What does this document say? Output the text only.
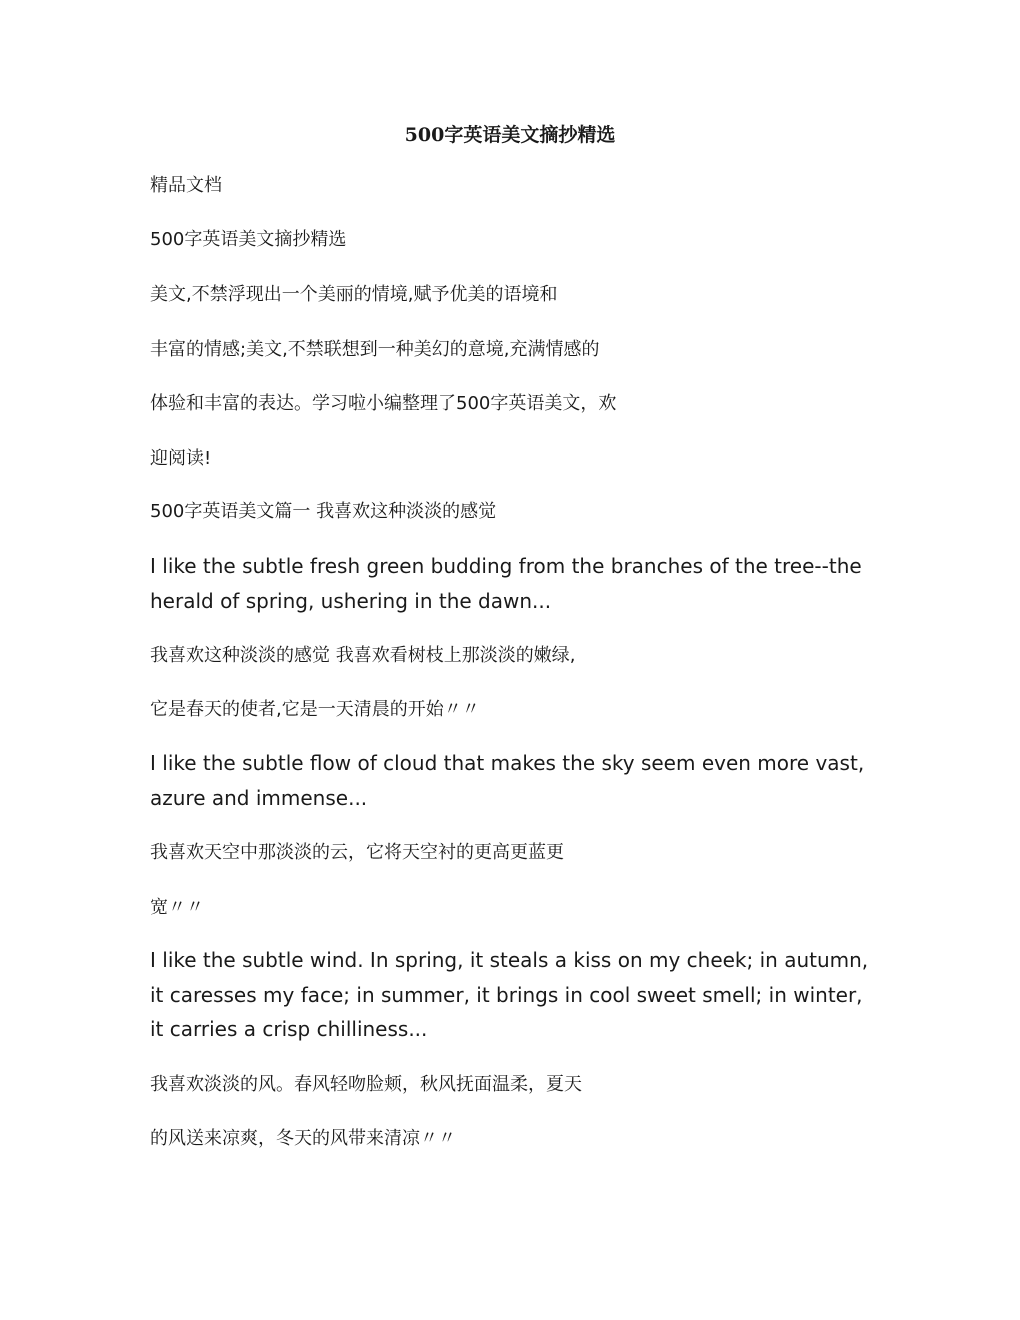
500字英语美文摘抄精选

精品文档

500字英语美文摘抄精选

美文,不禁浮现出一个美丽的情境,赋予优美的语境和

丰富的情感;美文,不禁联想到一种美幻的意境,充满情感的

体验和丰富的表达。学习啦小编整理了500字英语美文，欢

迎阅读!

500字英语美文篇一 我喜欢这种淡淡的感觉

I like the subtle fresh green budding from the branches of the tree--the herald of spring, ushering in the dawn...

我喜欢这种淡淡的感觉 我喜欢看树枝上那淡淡的嫩绿,

它是春天的使者,它是一天清晨的开始〃〃

I like the subtle flow of cloud that makes the sky seem even more vast, azure and immense...

我喜欢天空中那淡淡的云，它将天空衬的更高更蓝更

宽〃〃

I like the subtle wind. In spring, it steals a kiss on my cheek; in autumn, it caresses my face; in summer, it brings in cool sweet smell; in winter, it carries a crisp chilliness...

我喜欢淡淡的风。春风轻吻脸颊，秋风抚面温柔，夏天

的风送来凉爽，冬天的风带来清凉〃〃
